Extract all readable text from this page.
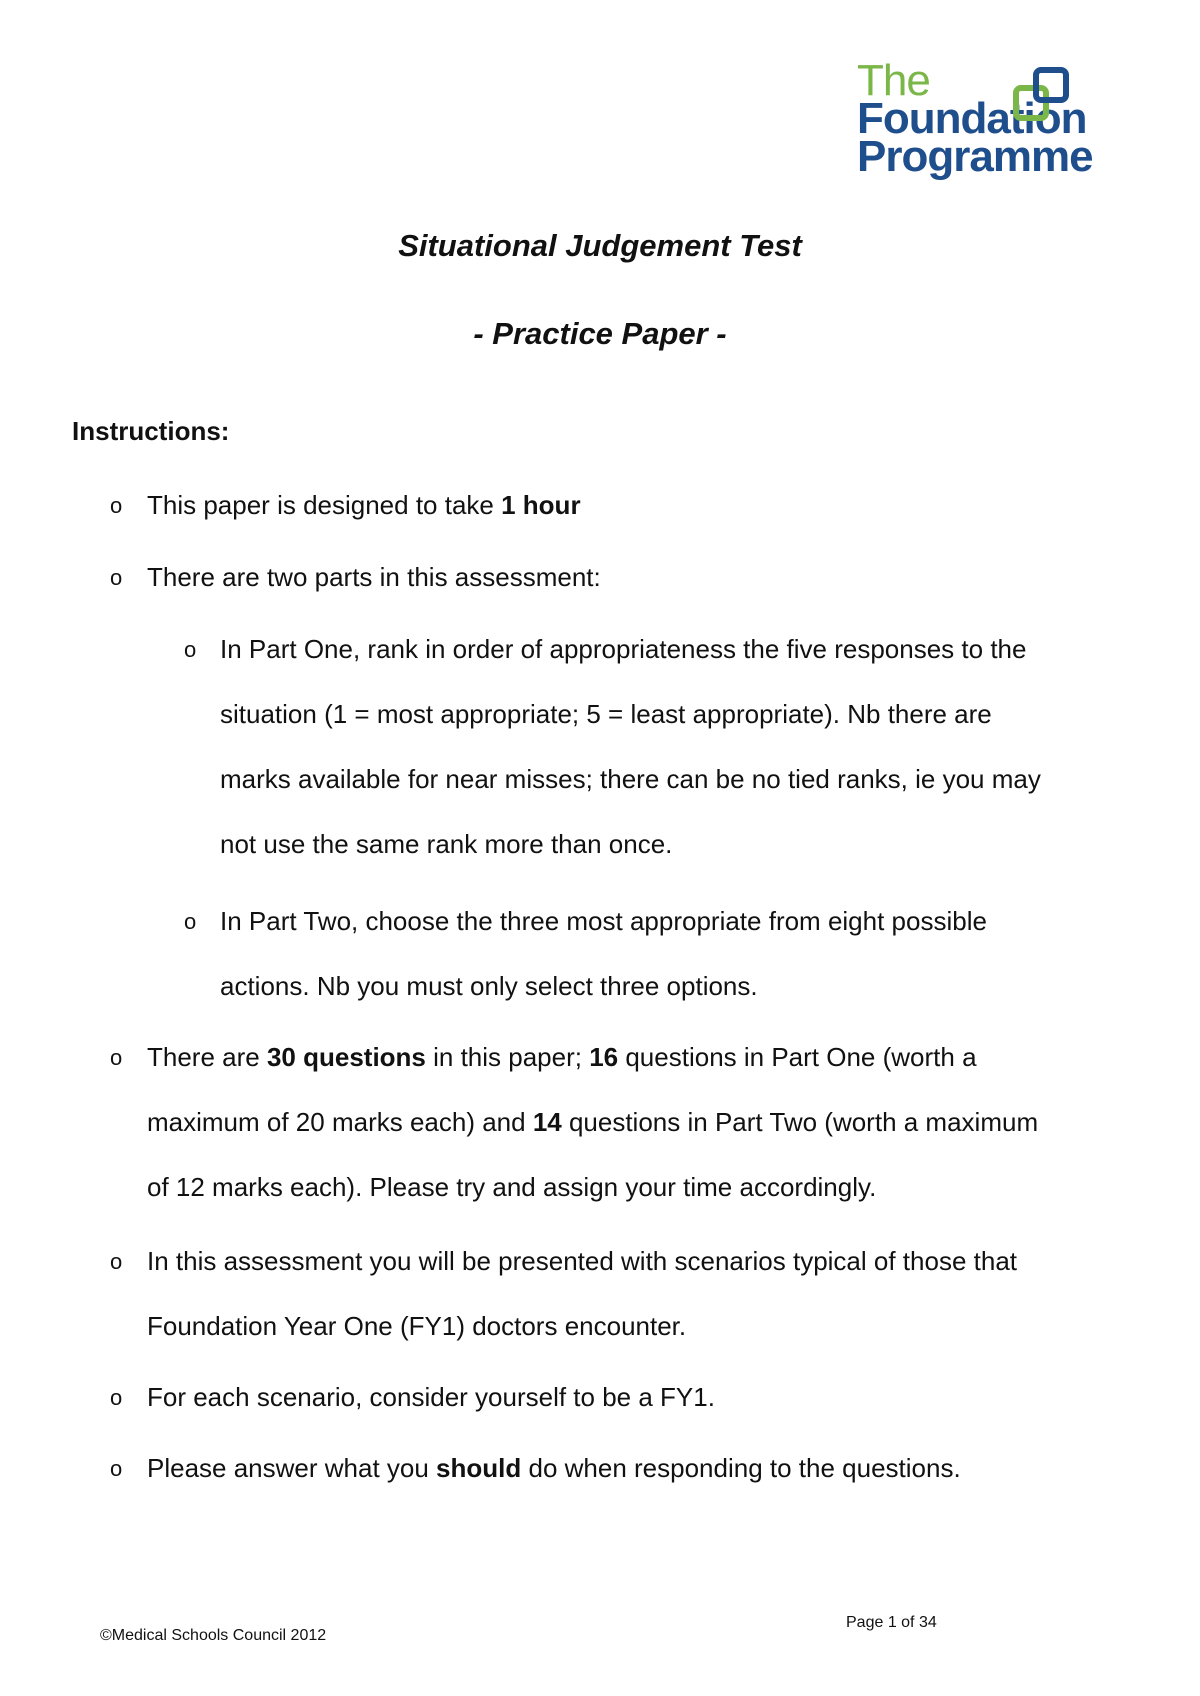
The
Foundation
Programme
Situational Judgement Test
- Practice Paper -
Instructions:
o This paper is designed to take 1 hour
o There are two parts in this assessment:
o In Part One, rank in order of appropriateness the five responses to the
situation (1 = most appropriate; 5 = least appropriate). Nb there are
marks available for near misses; there can be no tied ranks, ie you may
not use the same rank more than once.
o In Part Two, choose the three most appropriate from eight possible
actions. Nb you must only select three options.
o There are 30 questions in this paper; 16 questions in Part One (worth a
maximum of 20 marks each) and 14 questions in Part Two (worth a maximum
of 12 marks each). Please try and assign your time accordingly.
o In this assessment you will be presented with scenarios typical of those that
Foundation Year One (FY1) doctors encounter.
o For each scenario, consider yourself to be a FY1.
o Please answer what you should do when responding to the questions.
©Medical Schools Council 2012
Page 1 of 34
